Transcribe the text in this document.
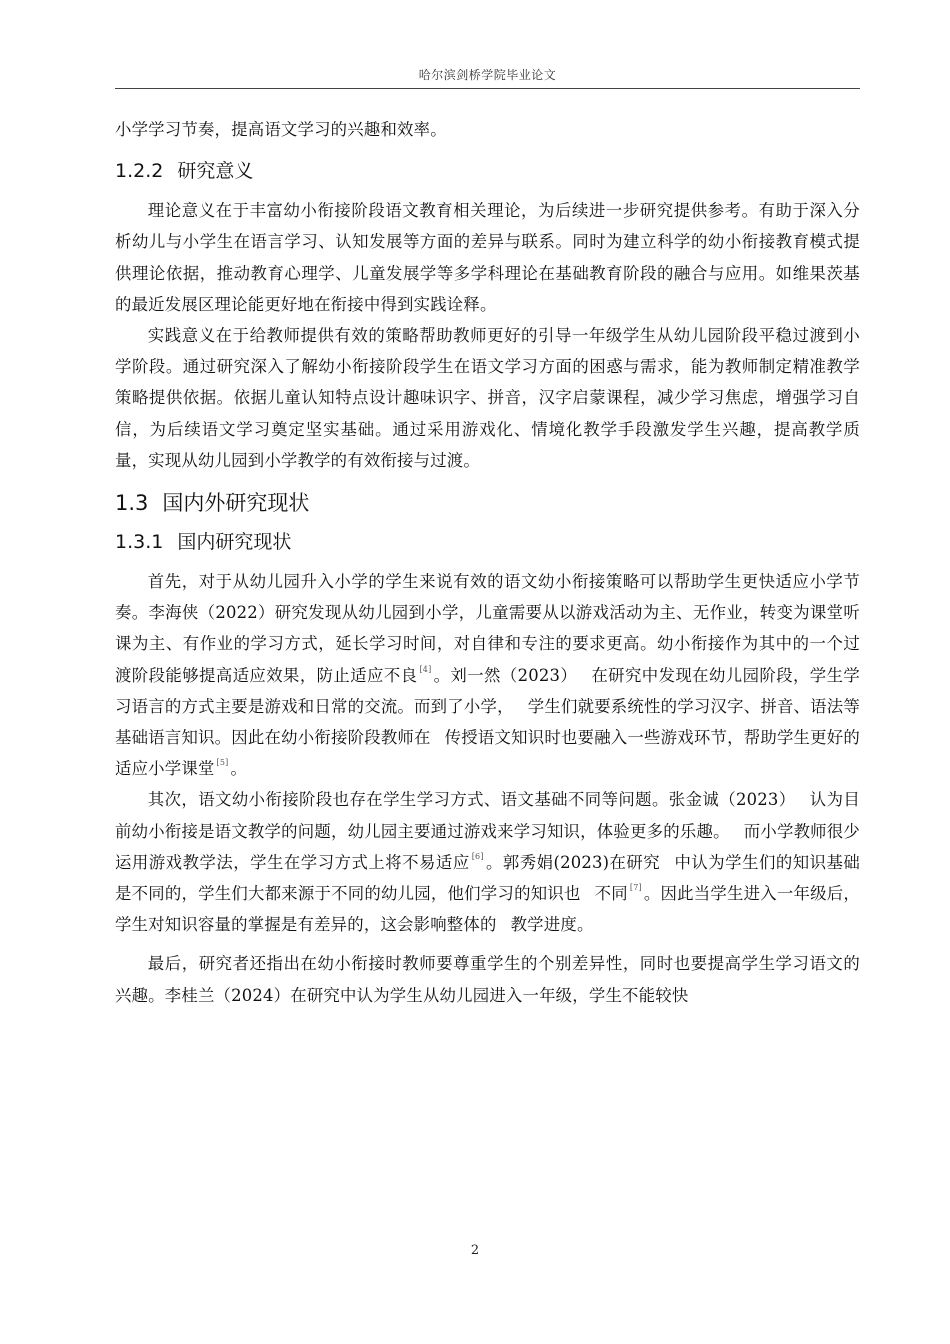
哈尔滨剑桥学院毕业论文

小学学习节奏，提高语文学习的兴趣和效率。

1.2.2 研究意义

理论意义在于丰富幼小衔接阶段语文教育相关理论，为后续进一步研究提供参考。有助于深入分析幼儿与小学生在语言学习、认知发展等方面的差异与联系。同时为建立科学的幼小衔接教育模式提供理论依据，推动教育心理学、儿童发展学等多学科理论在基础教育阶段的融合与应用。如维果茨基的最近发展区理论能更好地在衔接中得到实践诠释。

实践意义在于给教师提供有效的策略帮助教师更好的引导一年级学生从幼儿园阶段平稳过渡到小学阶段。通过研究深入了解幼小衔接阶段学生在语文学习方面的困惑与需求，能为教师制定精准教学策略提供依据。依据儿童认知特点设计趣味识字、拼音，汉字启蒙课程，减少学习焦虑，增强学习自信，为后续语文学习奠定坚实基础。通过采用游戏化、情境化教学手段激发学生兴趣，提高教学质量，实现从幼儿园到小学教学的有效衔接与过渡。

1.3 国内外研究现状
1.3.1 国内研究现状

首先，对于从幼儿园升入小学的学生来说有效的语文幼小衔接策略可以帮助学生更快适应小学节奏。李海侠（2022）研究发现从幼儿园到小学，儿童需要从以游戏活动为主、无作业，转变为课堂听课为主、有作业的学习方式，延长学习时间，对自律和专注的要求更高。幼小衔接作为其中的一个过渡阶段能够提高适应效果，防止适应不良 [4] 。刘一然（2023） 在研究中发现在幼儿园阶段，学生学习语言的方式主要是游戏和日常的交流。而到了小学， 学生们就要系统性的学习汉字、拼音、语法等基础语言知识。因此在幼小衔接阶段教师在 传授语文知识时也要融入一些游戏环节，帮助学生更好的适应小学课堂 [5] 。

其次，语文幼小衔接阶段也存在学生学习方式、语文基础不同等问题。张金诚（2023） 认为目前幼小衔接是语文教学的问题，幼儿园主要通过游戏来学习知识，体验更多的乐趣。 而小学教师很少运用游戏教学法，学生在学习方式上将不易适应 [6] 。郭秀娟(2023)在研究 中认为学生们的知识基础是不同的，学生们大都来源于不同的幼儿园，他们学习的知识也 不同 [7] 。因此当学生进入一年级后，学生对知识容量的掌握是有差异的，这会影响整体的 教学进度。

最后，研究者还指出在幼小衔接时教师要尊重学生的个别差异性，同时也要提高学生学习语文的兴趣。李桂兰（2024）在研究中认为学生从幼儿园进入一年级，学生不能较快

2
